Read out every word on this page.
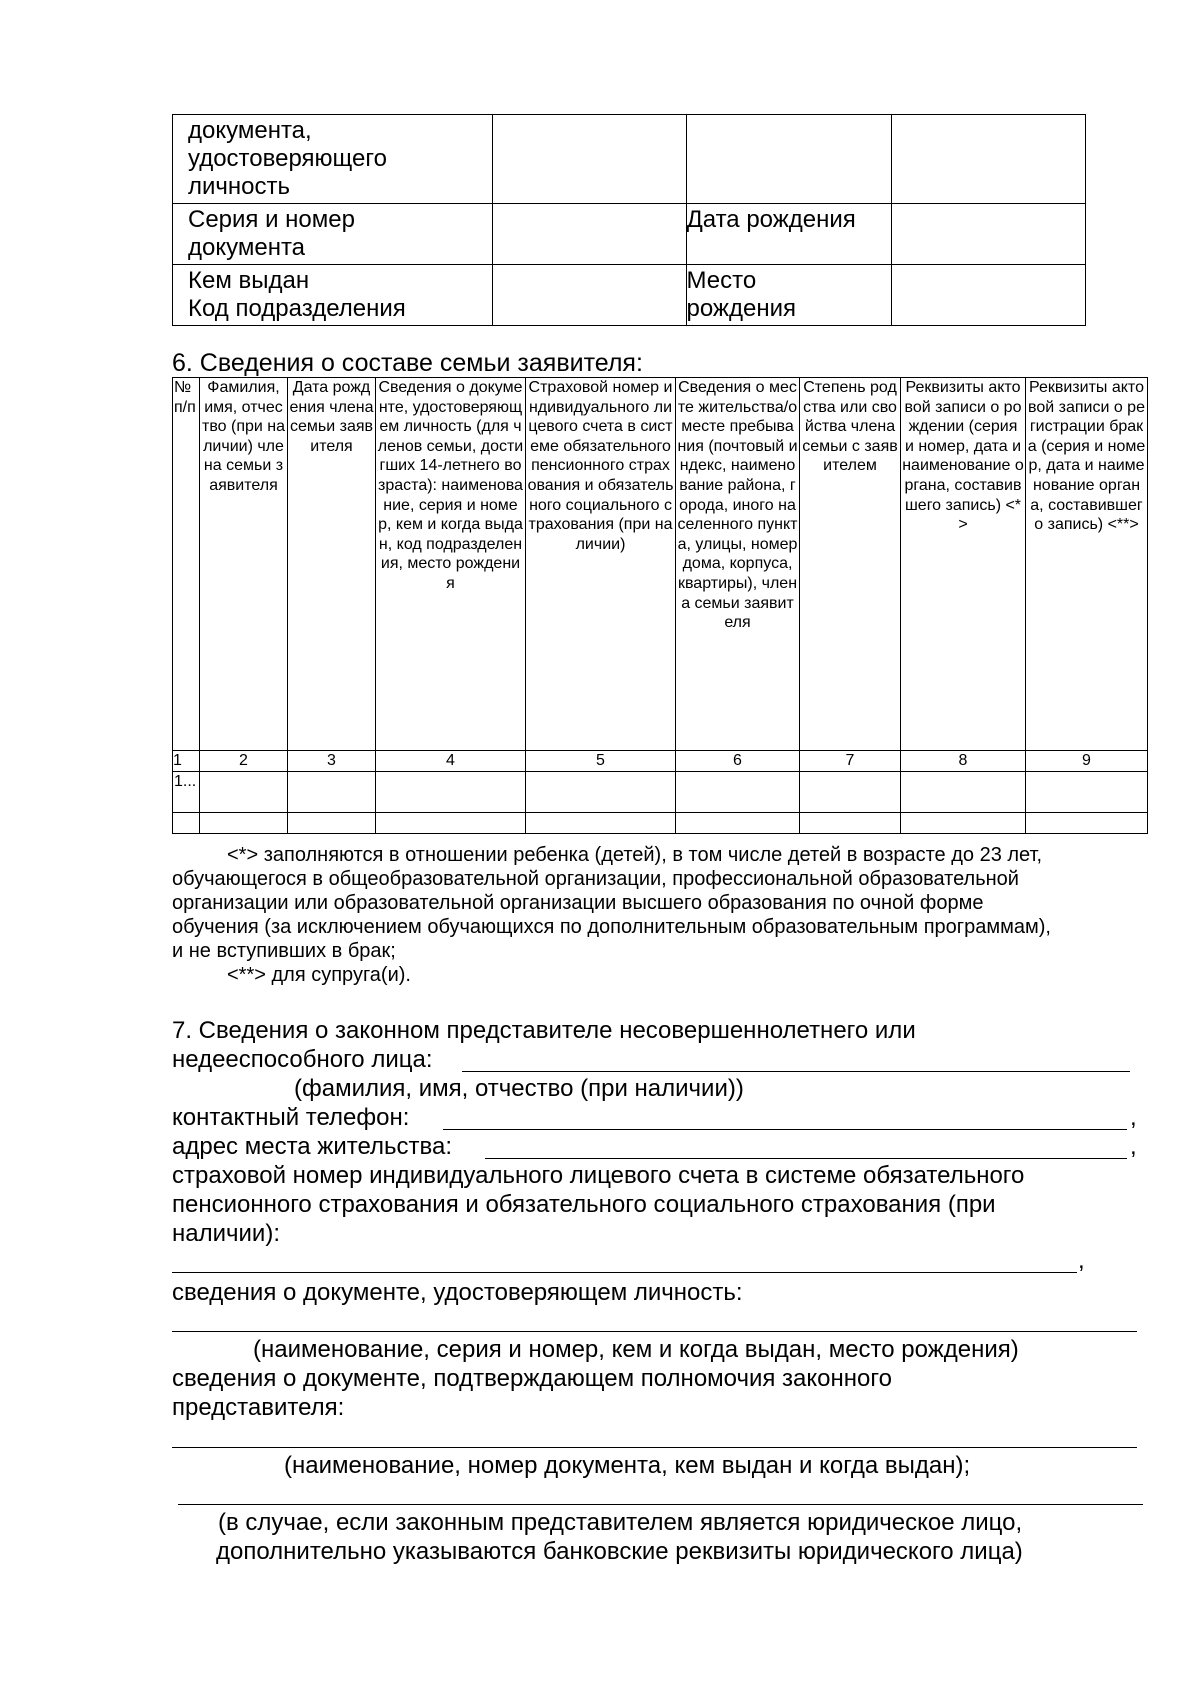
документа, удостоверяющего личность			

Серия и номер документа		Дата рождения	

Кем выдан
Код подразделения		Место рождения	

6. Сведения о составе семьи заявителя:
№ п/п	Фамилия, имя, отчество (при наличии) члена семьи заявителя	Дата рождения члена семьи заявителя	Сведения о документе, удостоверяющем личность (для членов семьи, достигших 14-летнего возраста): наименование, серия и номер, кем и когда выдан, код подразделения, место рождения	Страховой номер индивидуального лицевого счета в системе обязательного пенсионного страхования и обязательного социального страхования (при наличии)	Сведения о месте жительства/о месте пребывания (почтовый индекс, наименование района, города, иного населенного пункта, улицы, номер дома, корпуса, квартиры), члена семьи заявителя	Степень родства или свойства члена семьи с заявителем	Реквизиты актовой записи о рождении (серия и номер, дата и наименование органа, составившего запись) <*>	Реквизиты актовой записи о регистрации брака (серия и номер, дата и наименование органа, составившего запись) <**>
1	2	3	4	5	6	7	8	9
1...								

<*> заполняются в отношении ребенка (детей), в том числе детей в возрасте до 23 лет,
обучающегося в общеобразовательной организации, профессиональной образовательной
организации или образовательной организации высшего образования по очной форме
обучения (за исключением обучающихся по дополнительным образовательным программам),
и не вступивших в брак;
<**> для супруга(и).
7. Сведения о законном представителе несовершеннолетнего или
недееспособного лица:
(фамилия, имя, отчество (при наличии))
контактный телефон:	,
адрес места жительства:	,
страховой номер индивидуального лицевого счета в системе обязательного
пенсионного страхования и обязательного социального страхования (при
наличии):
,
сведения о документе, удостоверяющем личность:
(наименование, серия и номер, кем и когда выдан, место рождения)
сведения о документе, подтверждающем полномочия законного
представителя:
(наименование, номер документа, кем выдан и когда выдан);
(в случае, если законным представителем является юридическое лицо,
дополнительно указываются банковские реквизиты юридического лица)
